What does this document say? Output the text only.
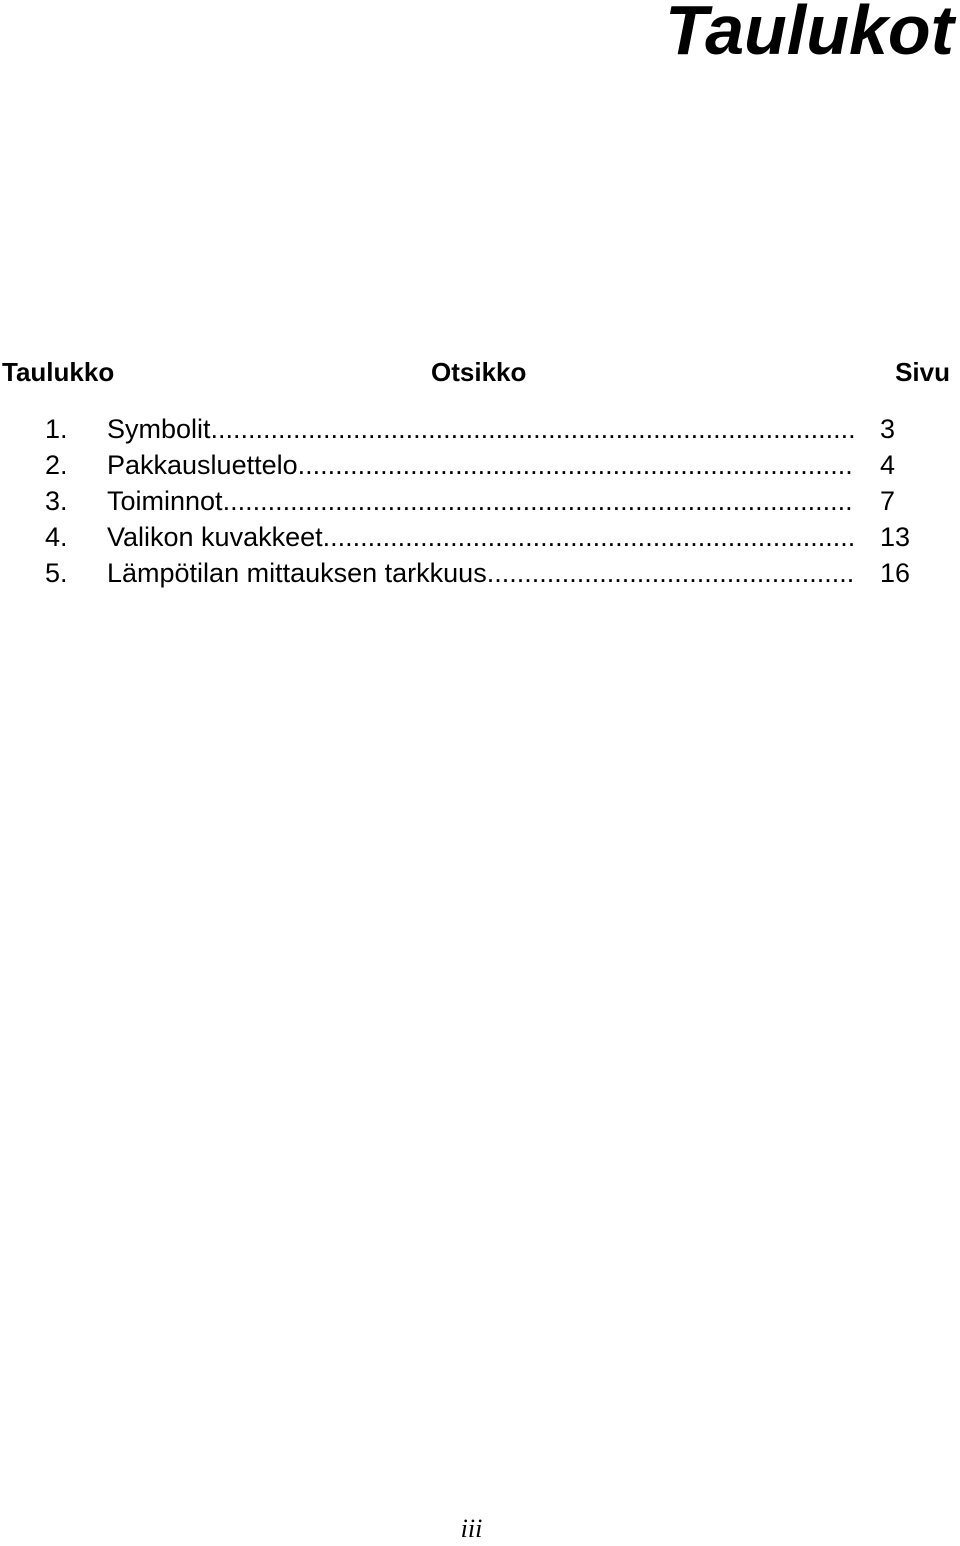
Taulukot
Taulukko	Otsikko	Sivu
1. Symbolit...................................................................................... 3
2. Pakkausluettelo..........................................................................	4
3. Toiminnot....................................................................................	7
4. Valikon kuvakkeet....................................................................... 13
5. Lämpötilan mittauksen tarkkuus................................................. 16
iii
